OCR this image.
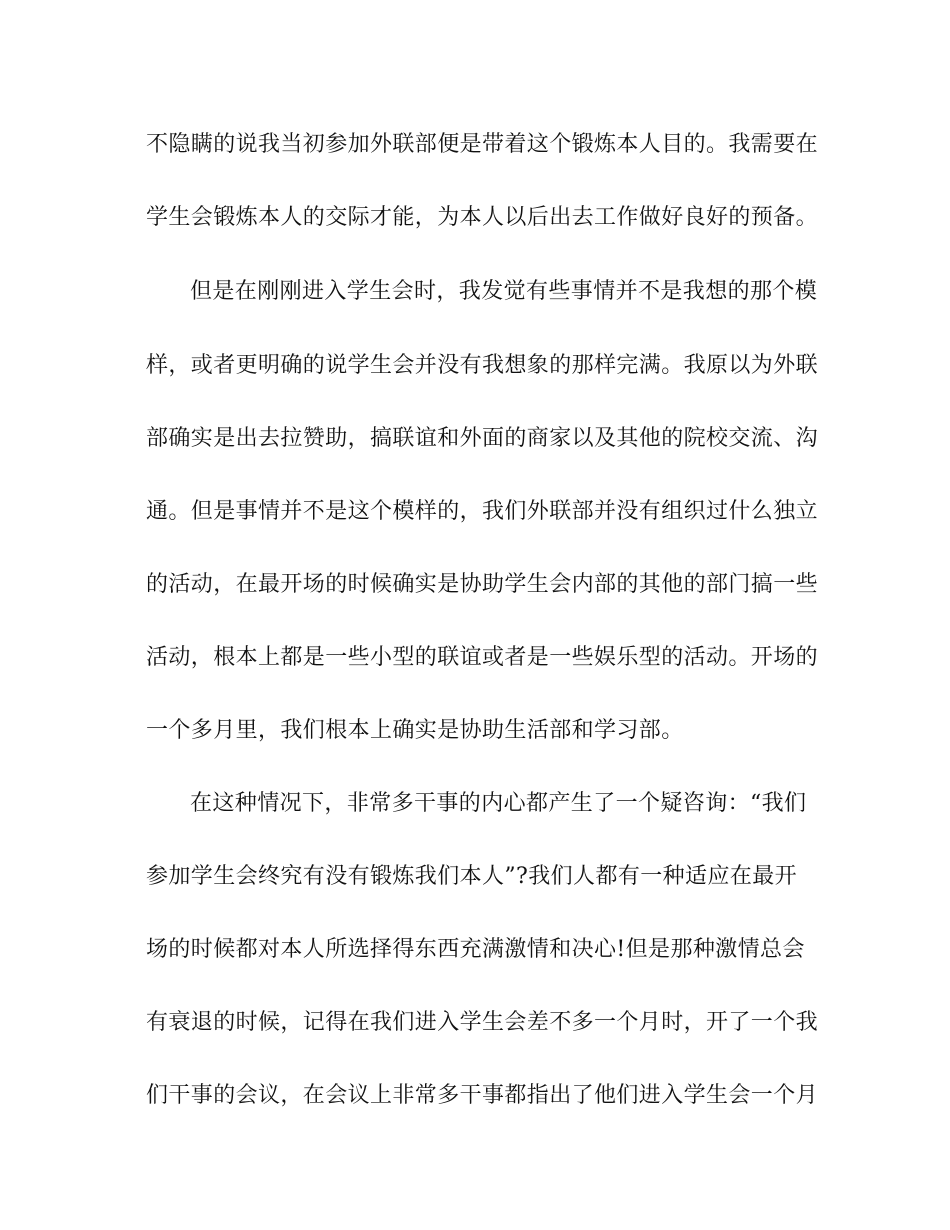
不隐瞒的说我当初参加外联部便是带着这个锻炼本人目的。我需要在
学生会锻炼本人的交际才能，为本人以后出去工作做好良好的预备。
但是在刚刚进入学生会时，我发觉有些事情并不是我想的那个模
样，或者更明确的说学生会并没有我想象的那样完满。我原以为外联
部确实是出去拉赞助，搞联谊和外面的商家以及其他的院校交流、沟
通。但是事情并不是这个模样的，我们外联部并没有组织过什么独立
的活动，在最开场的时候确实是协助学生会内部的其他的部门搞一些
活动，根本上都是一些小型的联谊或者是一些娱乐型的活动。开场的
一个多月里，我们根本上确实是协助生活部和学习部。
在这种情况下，非常多干事的内心都产生了一个疑咨询：“我们
参加学生会终究有没有锻炼我们本人”?我们人都有一种适应在最开
场的时候都对本人所选择得东西充满激情和决心!但是那种激情总会
有衰退的时候，记得在我们进入学生会差不多一个月时，开了一个我
们干事的会议，在会议上非常多干事都指出了他们进入学生会一个月
